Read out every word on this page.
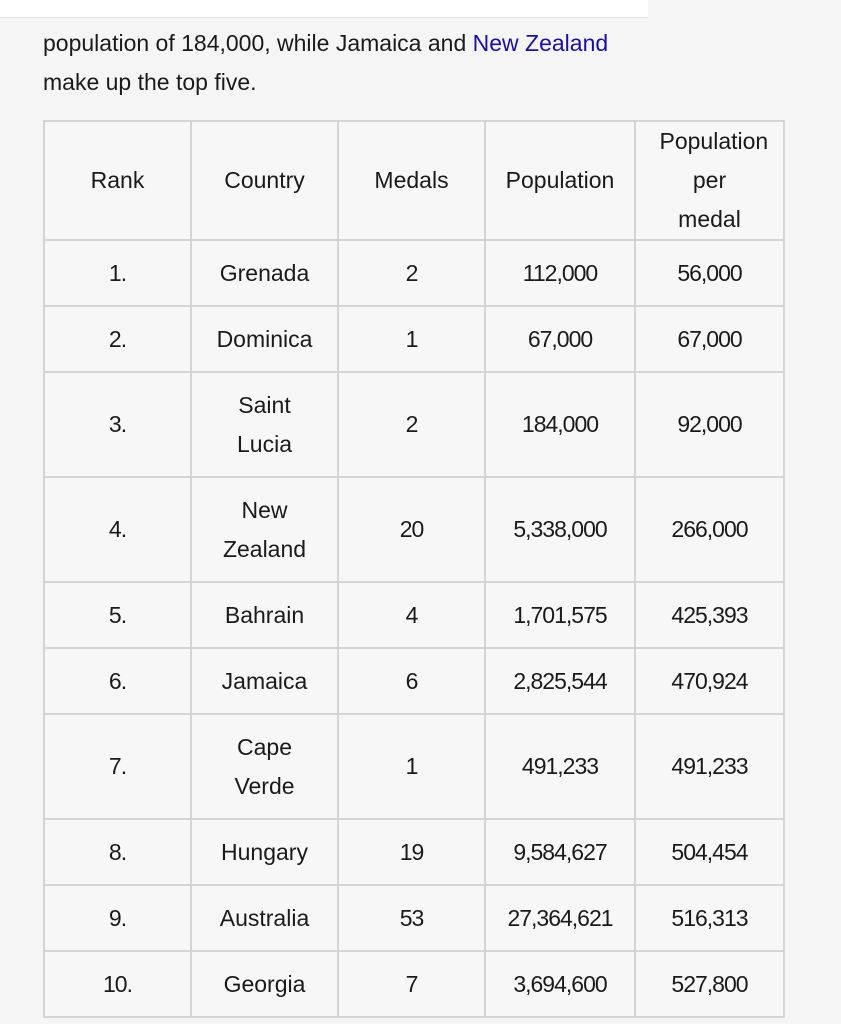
population of 184,000, while Jamaica and New Zealand make up the top five.

Rank	Country	Medals	Population	Population per medal
1.	Grenada	2	112,000	56,000
2.	Dominica	1	67,000	67,000
3.	Saint Lucia	2	184,000	92,000
4.	New Zealand	20	5,338,000	266,000
5.	Bahrain	4	1,701,575	425,393
6.	Jamaica	6	2,825,544	470,924
7.	Cape Verde	1	491,233	491,233
8.	Hungary	19	9,584,627	504,454
9.	Australia	53	27,364,621	516,313
10.	Georgia	7	3,694,600	527,800
